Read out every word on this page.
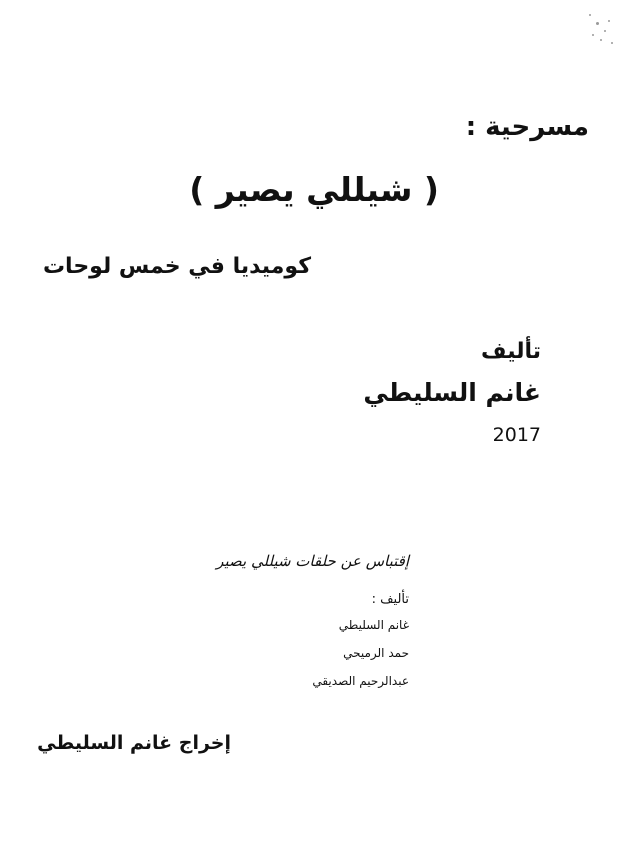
مسرحية :

( شيللي يصير )

كوميديا في خمس لوحات

تأليف

غانم السليطي

2017

إقتباس عن حلقات شيللي يصير

تأليف :

غانم السليطي

حمد الرميحي

عبدالرحيم الصديقي

إخراج غانم السليطي
